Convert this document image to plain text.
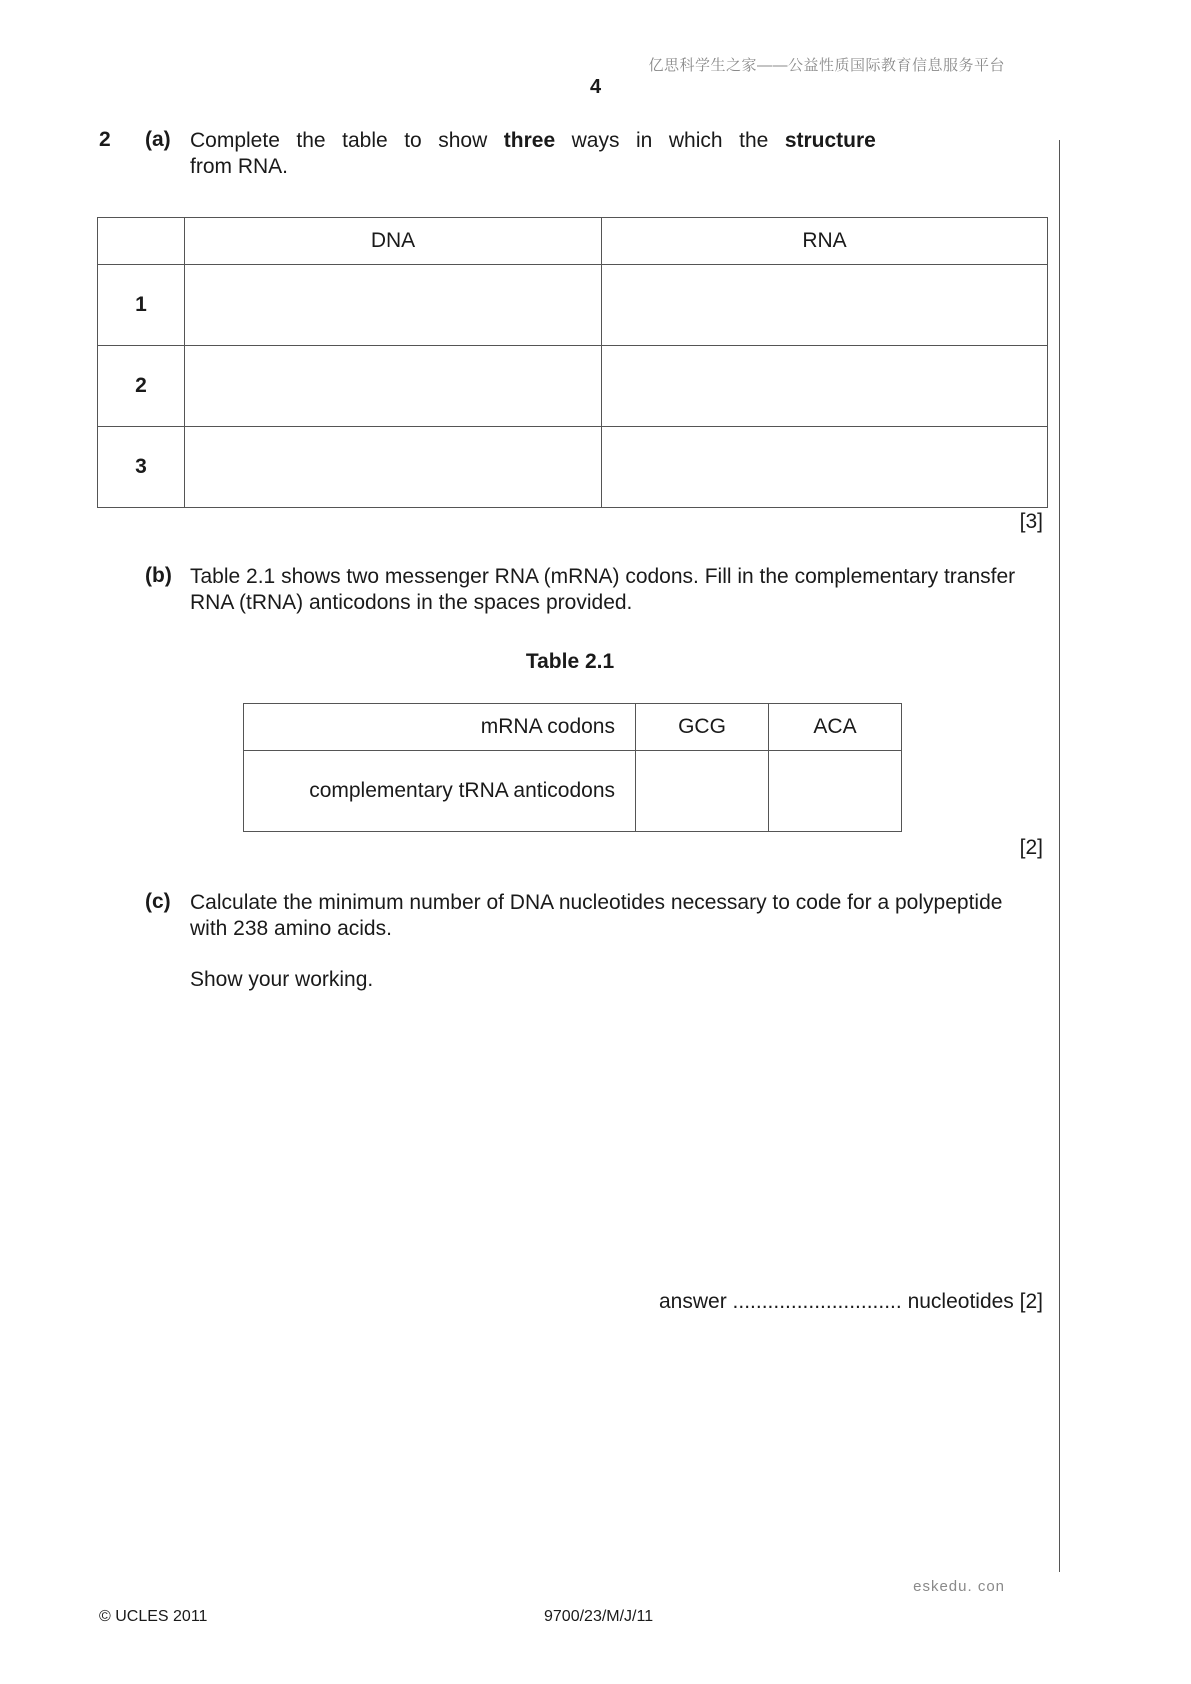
亿思科学生之家——公益性质国际教育信息服务平台
4
2 (a) Complete the table to show three ways in which the structure
from RNA.
	DNA	RNA
1		
2		
3		
[3]
(b) Table 2.1 shows two messenger RNA (mRNA) codons. Fill in the complementary transfer RNA (tRNA) anticodons in the spaces provided.
Table 2.1
mRNA codons	GCG	ACA
complementary tRNA anticodons		
[2]
(c) Calculate the minimum number of DNA nucleotides necessary to code for a polypeptide with 238 amino acids.
Show your working.
answer ............................. nucleotides [2]
eskedu. con
© UCLES 2011	9700/23/M/J/11
